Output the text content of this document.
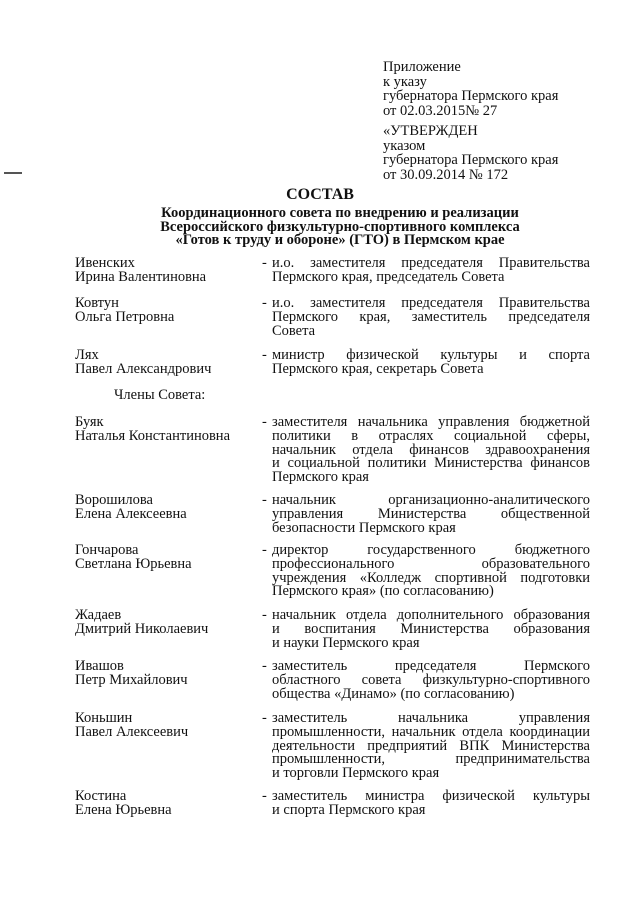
Приложение
к указу
губернатора Пермского края
от 02.03.2015№ 27
«УТВЕРЖДЕН
указом
губернатора Пермского края
от 30.09.2014 № 172
СОСТАВ
Координационного совета по внедрению и реализации
Всероссийского физкультурно-спортивного комплекса
«Готов к труду и обороне» (ГТО) в Пермском крае
Члены Совета:
Ивенских
Ирина Валентиновна
- и.о. заместителя председателя Правительства
Пермского края, председатель Совета
Ковтун
Ольга Петровна
- и.о. заместителя председателя Правительства
Пермского края, заместитель председателя
Совета
Лях
Павел Александрович
- министр физической культуры и спорта
Пермского края, секретарь Совета
Буяк
Наталья Константиновна
- заместителя начальника управления бюджетной
политики в отраслях социальной сферы,
начальник отдела финансов здравоохранения
и социальной политики Министерства финансов
Пермского края
Ворошилова
Елена Алексеевна
- начальник организационно-аналитического
управления Министерства общественной
безопасности Пермского края
Гончарова
Светлана Юрьевна
- директор государственного бюджетного
профессионального образовательного
учреждения «Колледж спортивной подготовки
Пермского края» (по согласованию)
Жадаев
Дмитрий Николаевич
- начальник отдела дополнительного образования
и воспитания Министерства образования
и науки Пермского края
Ивашов
Петр Михайлович
- заместитель председателя Пермского
областного совета физкультурно-спортивного
общества «Динамо» (по согласованию)
Коньшин
Павел Алексеевич
- заместитель начальника управления
промышленности, начальник отдела координации
деятельности предприятий ВПК Министерства
промышленности, предпринимательства
и торговли Пермского края
Костина
Елена Юрьевна
- заместитель министра физической культуры
и спорта Пермского края
